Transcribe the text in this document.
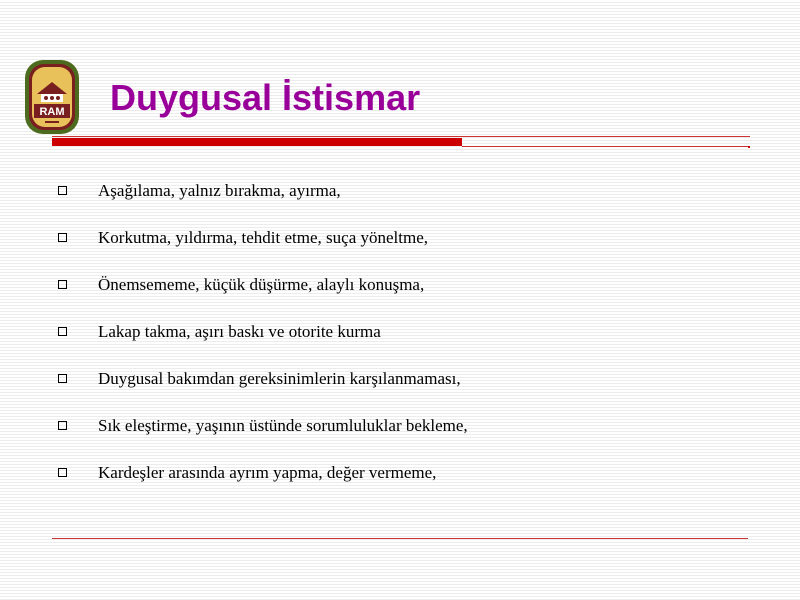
RAM Duygusal İstismar
Aşağılama, yalnız bırakma, ayırma,
Korkutma, yıldırma, tehdit etme, suça yöneltme,
Önemsememe, küçük düşürme, alaylı konuşma,
Lakap takma, aşırı baskı ve otorite kurma
Duygusal bakımdan gereksinimlerin karşılanmaması,
Sık eleştirme, yaşının üstünde sorumluluklar bekleme,
Kardeşler arasında ayrım yapma, değer vermeme,
